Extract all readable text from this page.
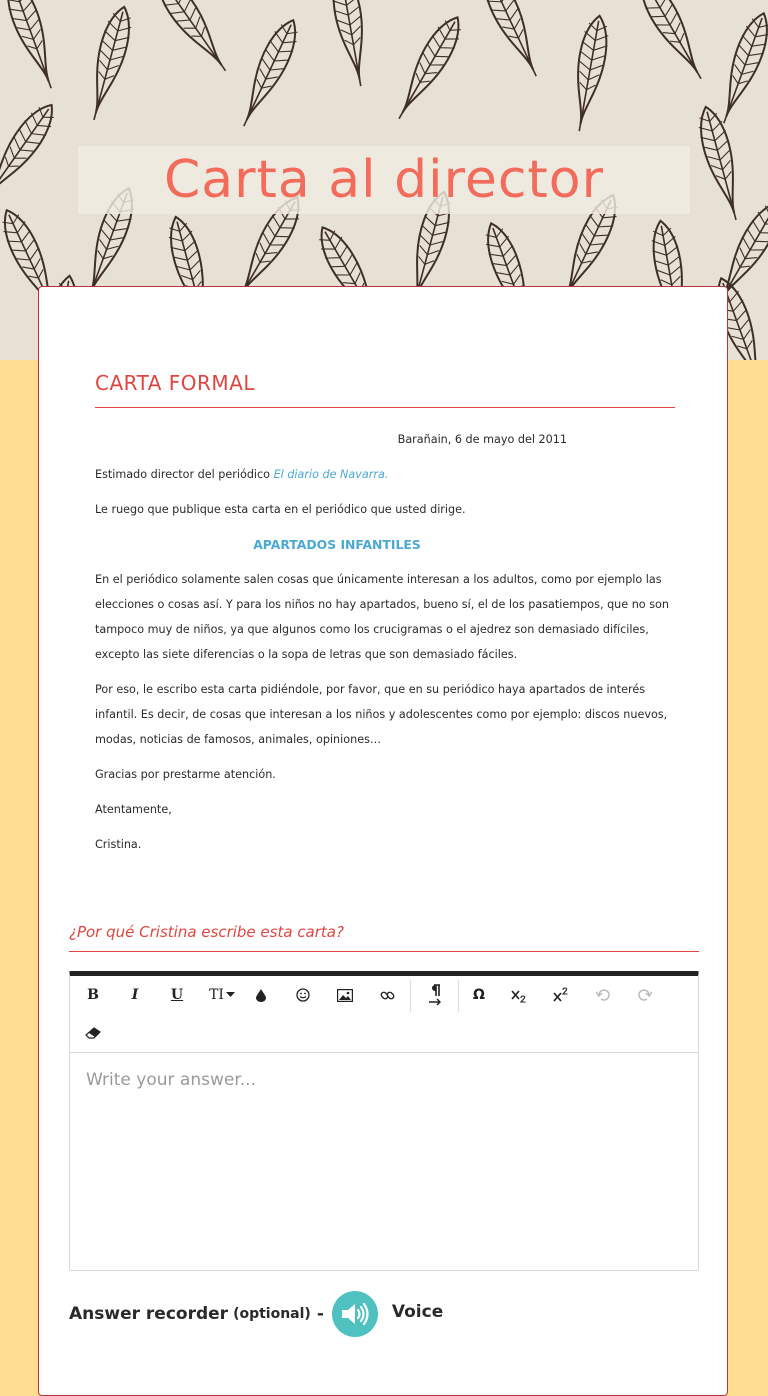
Carta al director
CARTA FORMAL

Barañain, 6 de mayo del 2011

Estimado director del periódico El diario de Navarra.

Le ruego que publique esta carta en el periódico que usted dirige.

APARTADOS INFANTILES

En el periódico solamente salen cosas que únicamente interesan a los adultos, como por ejemplo las elecciones o cosas así. Y para los niños no hay apartados, bueno sí, el de los pasatiempos, que no son tampoco muy de niños, ya que algunos como los crucigramas o el ajedrez son demasiado difíciles, excepto las siete diferencias o la sopa de letras que son demasiado fáciles.

Por eso, le escribo esta carta pidiéndole, por favor, que en su periódico haya apartados de interés infantil. Es decir, de cosas que interesan a los niños y adolescentes como por ejemplo: discos nuevos, modas, noticias de famosos, animales, opiniones…

Gracias por prestarme atención.

Atentamente,

Cristina.

¿Por qué Cristina escribe esta carta?
B	I	U	TI	Ω
Write your answer...
Answer recorder (optional) -	Voice
